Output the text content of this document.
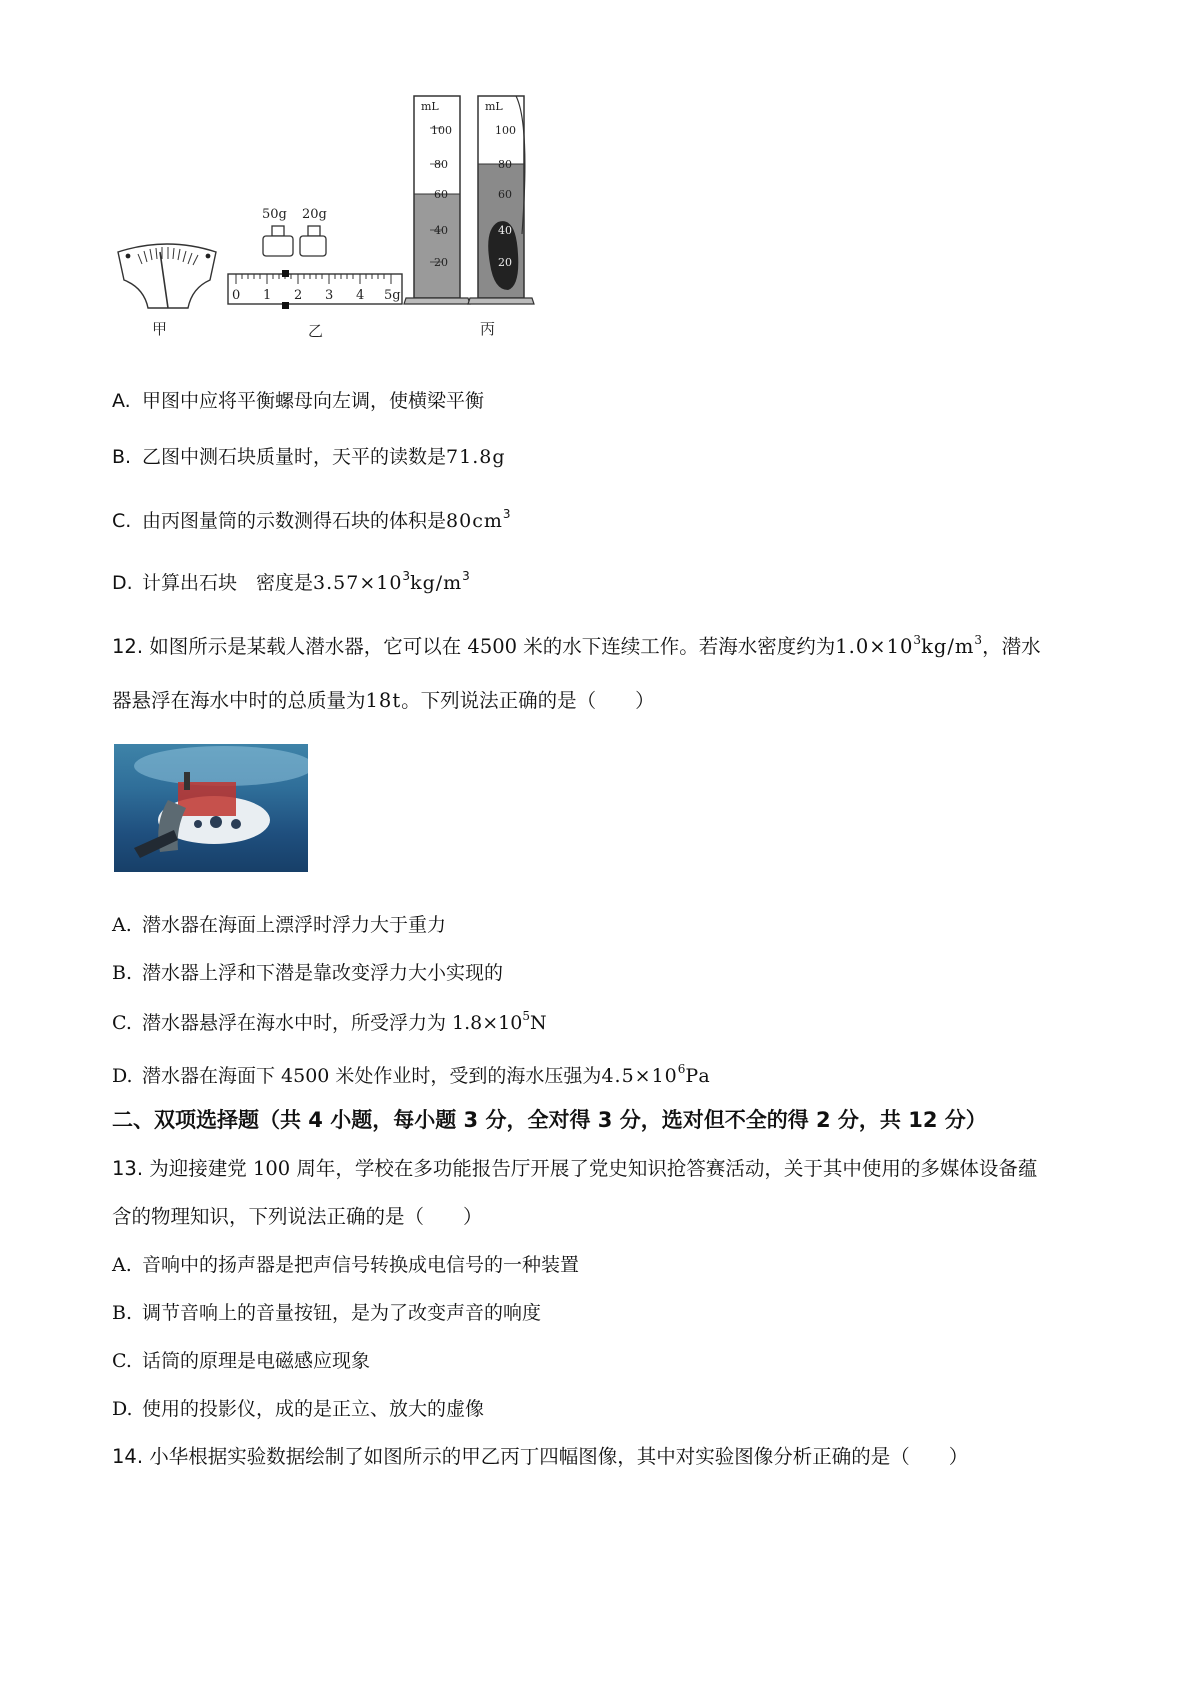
甲
50g 20g
0 1 2 3 4 5g
乙
mL
100
80
60
40
20
mL
100
80
60
40
20
丙
A. 甲图中应将平衡螺母向左调，使横梁平衡
B. 乙图中测石块质量时，天平的读数是71.8g
C. 由丙图量筒的示数测得石块的体积是$80cm^3$
D. 计算出石块　密度是$3.57\times 10^3kg/m^3$
12. 如图所示是某载人潜水器，它可以在 4500 米的水下连续工作。若海水密度约为$1.0\times 10^3kg/m^3$，潜水
器悬浮在海水中时的总质量为18t。下列说法正确的是（　　）
A. 潜水器在海面上漂浮时浮力大于重力
B. 潜水器上浮和下潜是靠改变浮力大小实现的
C. 潜水器悬浮在海水中时，所受浮力为 $1.8\times 10^5N$
D. 潜水器在海面下 4500 米处作业时，受到的海水压强为$4.5\times 10^6Pa$
二、双项选择题（共 4 小题，每小题 3 分，全对得 3 分，选对但不全的得 2 分，共 12 分）
13. 为迎接建党 100 周年，学校在多功能报告厅开展了党史知识抢答赛活动，关于其中使用的多媒体设备蕴
含的物理知识，下列说法正确的是（　　）
A. 音响中的扬声器是把声信号转换成电信号的一种装置
B. 调节音响上的音量按钮，是为了改变声音的响度
C. 话筒的原理是电磁感应现象
D. 使用的投影仪，成的是正立、放大的虚像
14. 小华根据实验数据绘制了如图所示的甲乙丙丁四幅图像，其中对实验图像分析正确的是（　　）
